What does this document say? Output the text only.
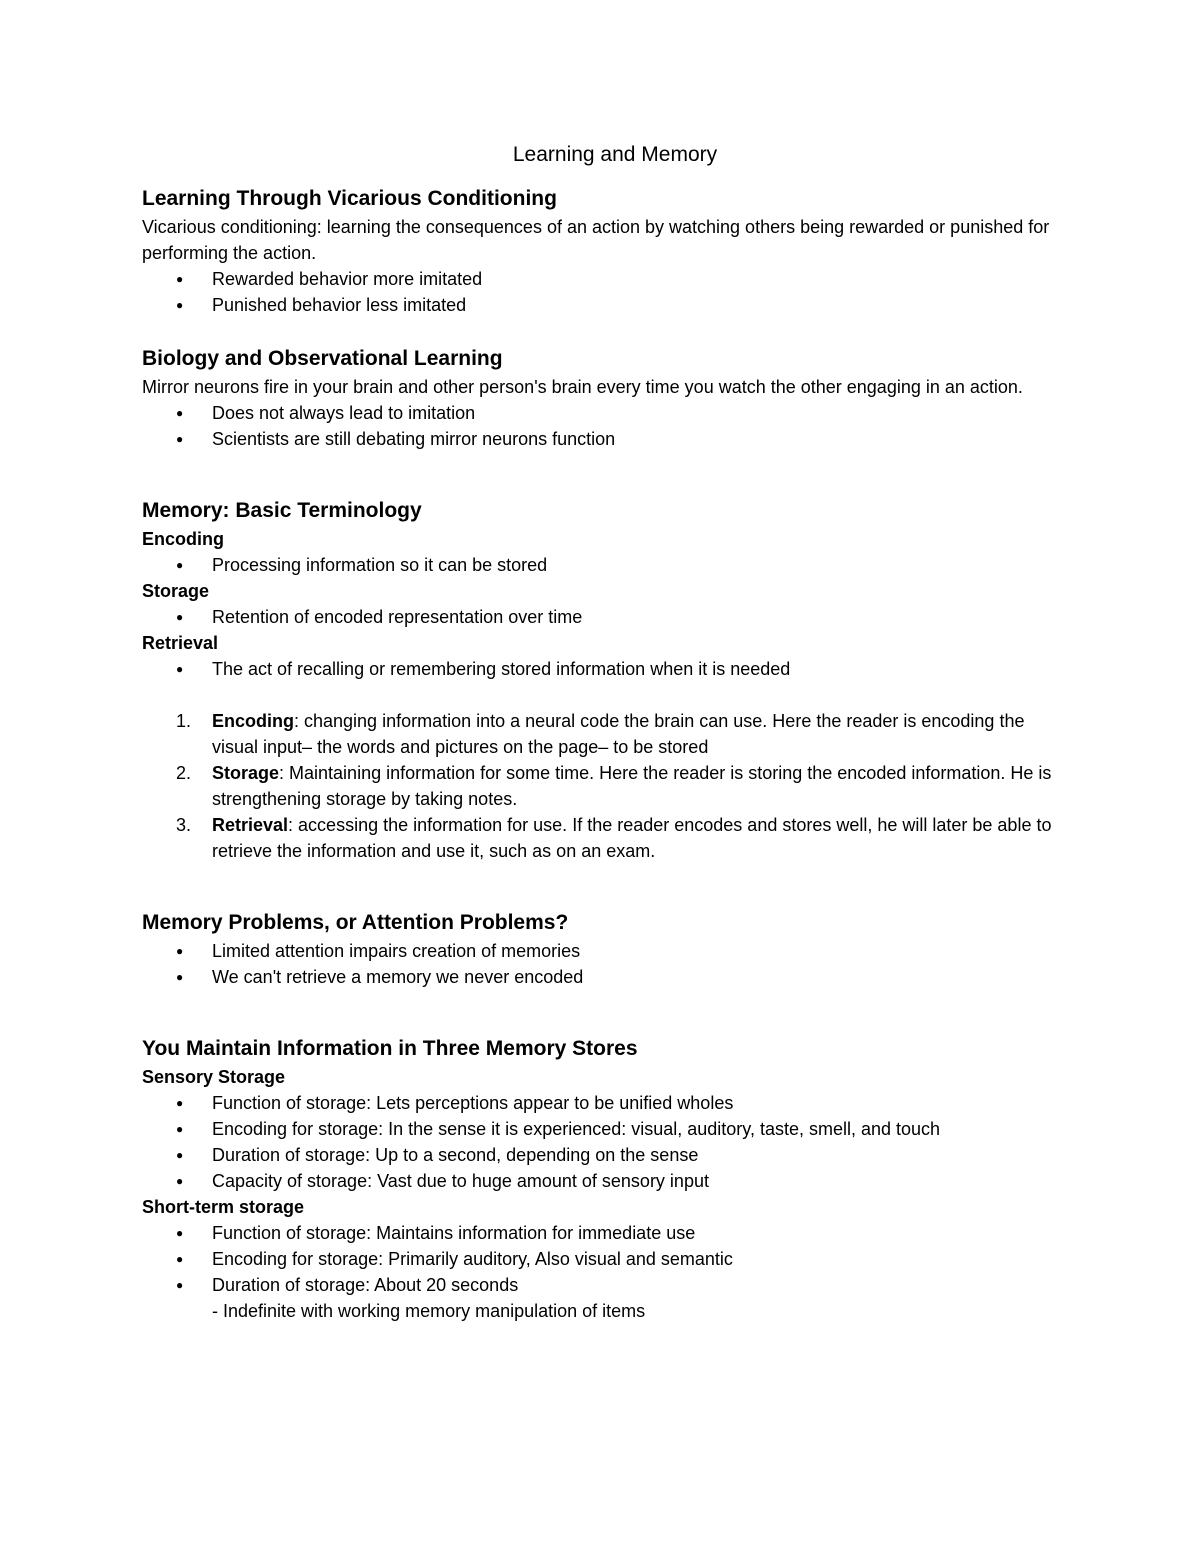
Learning and Memory
Learning Through Vicarious Conditioning
Vicarious conditioning: learning the consequences of an action by watching others being rewarded or punished for performing the action.
● Rewarded behavior more imitated
● Punished behavior less imitated
Biology and Observational Learning
Mirror neurons fire in your brain and other person's brain every time you watch the other engaging in an action.
● Does not always lead to imitation
● Scientists are still debating mirror neurons function
Memory: Basic Terminology
Encoding
● Processing information so it can be stored
Storage
● Retention of encoded representation over time
Retrieval
● The act of recalling or remembering stored information when it is needed
1. Encoding: changing information into a neural code the brain can use. Here the reader is encoding the visual input– the words and pictures on the page– to be stored
2. Storage: Maintaining information for some time. Here the reader is storing the encoded information. He is strengthening storage by taking notes.
3. Retrieval: accessing the information for use. If the reader encodes and stores well, he will later be able to retrieve the information and use it, such as on an exam.
Memory Problems, or Attention Problems?
● Limited attention impairs creation of memories
● We can't retrieve a memory we never encoded
You Maintain Information in Three Memory Stores
Sensory Storage
● Function of storage: Lets perceptions appear to be unified wholes
● Encoding for storage: In the sense it is experienced: visual, auditory, taste, smell, and touch
● Duration of storage: Up to a second, depending on the sense
● Capacity of storage: Vast due to huge amount of sensory input
Short-term storage
● Function of storage: Maintains information for immediate use
● Encoding for storage: Primarily auditory, Also visual and semantic
● Duration of storage: About 20 seconds
- Indefinite with working memory manipulation of items
